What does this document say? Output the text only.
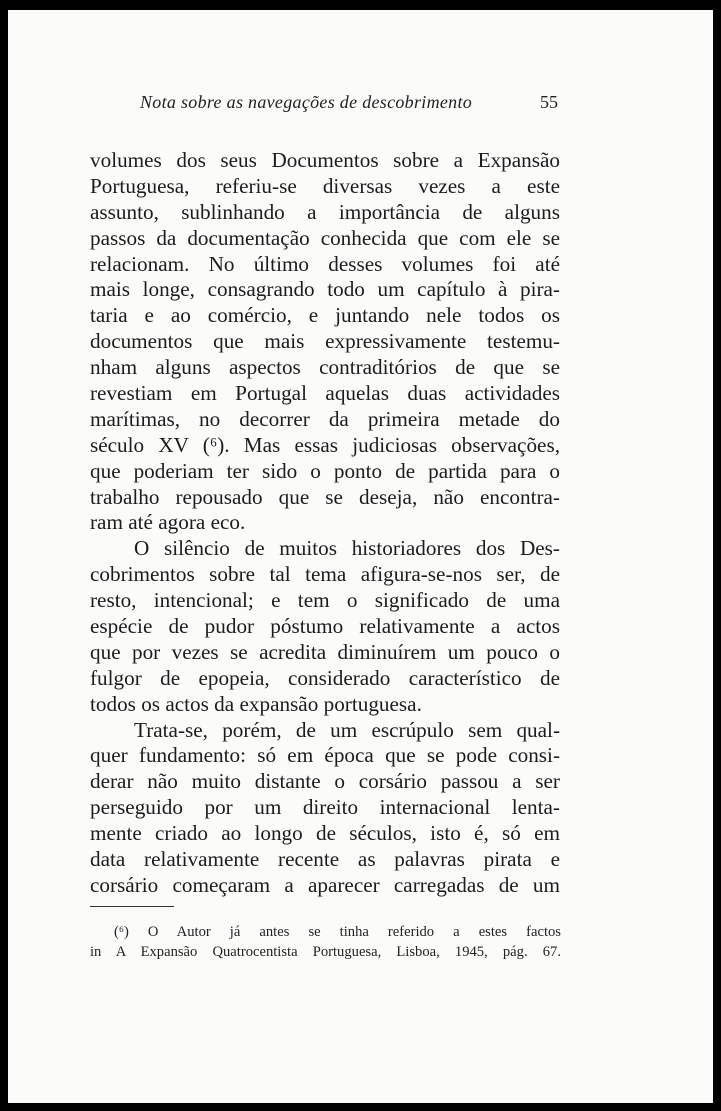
Nota sobre as navegações de descobrimento	55
volumes dos seus Documentos sobre a Expansão
Portuguesa, referiu-se diversas vezes a este
assunto, sublinhando a importância de alguns
passos da documentação conhecida que com ele se
relacionam. No último desses volumes foi até
mais longe, consagrando todo um capítulo à pira-
taria e ao comércio, e juntando nele todos os
documentos que mais expressivamente testemu-
nham alguns aspectos contraditórios de que se
revestiam em Portugal aquelas duas actividades
marítimas, no decorrer da primeira metade do
século XV (⁶). Mas essas judiciosas observações,
que poderiam ter sido o ponto de partida para o
trabalho repousado que se deseja, não encontra-
ram até agora eco.
O silêncio de muitos historiadores dos Des-
cobrimentos sobre tal tema afigura-se-nos ser, de
resto, intencional; e tem o significado de uma
espécie de pudor póstumo relativamente a actos
que por vezes se acredita diminuírem um pouco o
fulgor de epopeia, considerado característico de
todos os actos da expansão portuguesa.
Trata-se, porém, de um escrúpulo sem qual-
quer fundamento: só em época que se pode consi-
derar não muito distante o corsário passou a ser
perseguido por um direito internacional lenta-
mente criado ao longo de séculos, isto é, só em
data relativamente recente as palavras pirata e
corsário começaram a aparecer carregadas de um
(⁶) O Autor já antes se tinha referido a estes factos
in A Expansão Quatrocentista Portuguesa, Lisboa, 1945, pág. 67.
